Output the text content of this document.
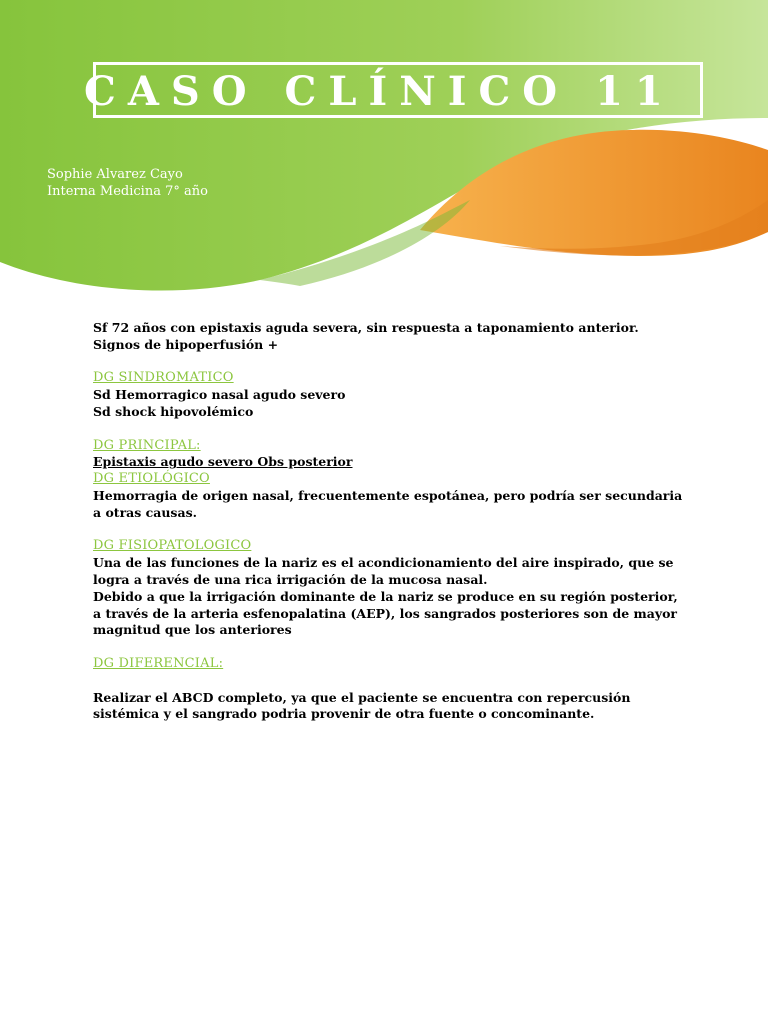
CASO CLÍNICO 11
Sophie Alvarez Cayo
Interna Medicina 7° año

Sf 72 años con epistaxis aguda severa, sin respuesta a taponamiento anterior. Signos de hipoperfusión +

DG SINDROMATICO

Sd Hemorragico nasal agudo severo

Sd shock hipovolémico

DG PRINCIPAL:

Epistaxis agudo severo Obs posterior

DG ETIOLÓGICO

Hemorragia de origen nasal, frecuentemente espotánea, pero podría ser secundaria a otras causas.

DG FISIOPATOLOGICO

Una de las funciones de la nariz es el acondicionamiento del aire inspirado, que se logra a través de una rica irrigación de la mucosa nasal.

Debido a que la irrigación dominante de la nariz se produce en su región posterior, a través de la arteria esfenopalatina (AEP), los sangrados posteriores son de mayor magnitud que los anteriores

DG DIFERENCIAL:

Realizar el ABCD completo, ya que el paciente se encuentra con repercusión sistémica y el sangrado podria provenir de otra fuente o concominante.
